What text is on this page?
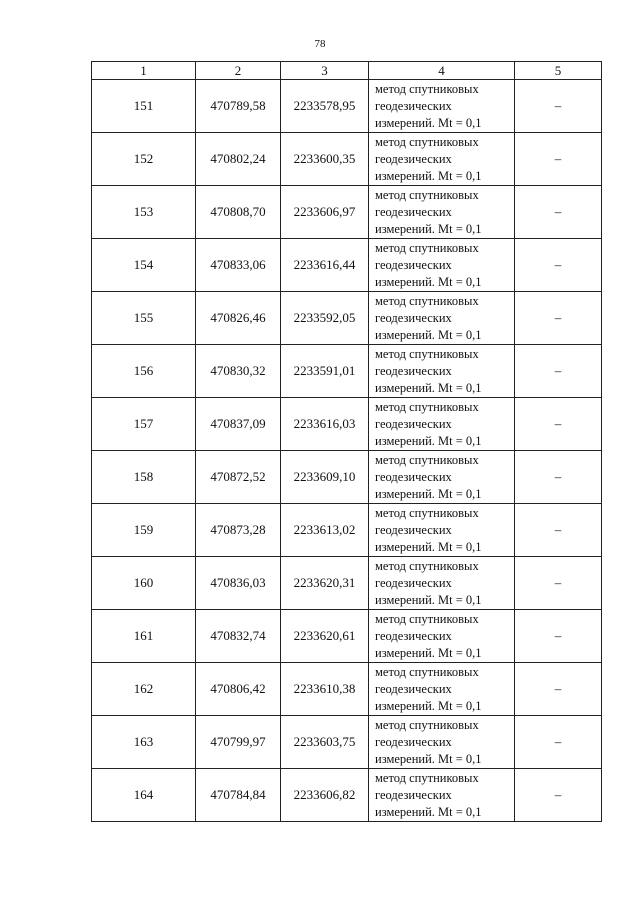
78
1	2	3	4	5
151	470789,58	2233578,95	метод спутниковых
геодезических
измерений. Mt = 0,1	–
152	470802,24	2233600,35	метод спутниковых
геодезических
измерений. Mt = 0,1	–
153	470808,70	2233606,97	метод спутниковых
геодезических
измерений. Mt = 0,1	–
154	470833,06	2233616,44	метод спутниковых
геодезических
измерений. Mt = 0,1	–
155	470826,46	2233592,05	метод спутниковых
геодезических
измерений. Mt = 0,1	–
156	470830,32	2233591,01	метод спутниковых
геодезических
измерений. Mt = 0,1	–
157	470837,09	2233616,03	метод спутниковых
геодезических
измерений. Mt = 0,1	–
158	470872,52	2233609,10	метод спутниковых
геодезических
измерений. Mt = 0,1	–
159	470873,28	2233613,02	метод спутниковых
геодезических
измерений. Mt = 0,1	–
160	470836,03	2233620,31	метод спутниковых
геодезических
измерений. Mt = 0,1	–
161	470832,74	2233620,61	метод спутниковых
геодезических
измерений. Mt = 0,1	–
162	470806,42	2233610,38	метод спутниковых
геодезических
измерений. Mt = 0,1	–
163	470799,97	2233603,75	метод спутниковых
геодезических
измерений. Mt = 0,1	–
164	470784,84	2233606,82	метод спутниковых
геодезических
измерений. Mt = 0,1	–
